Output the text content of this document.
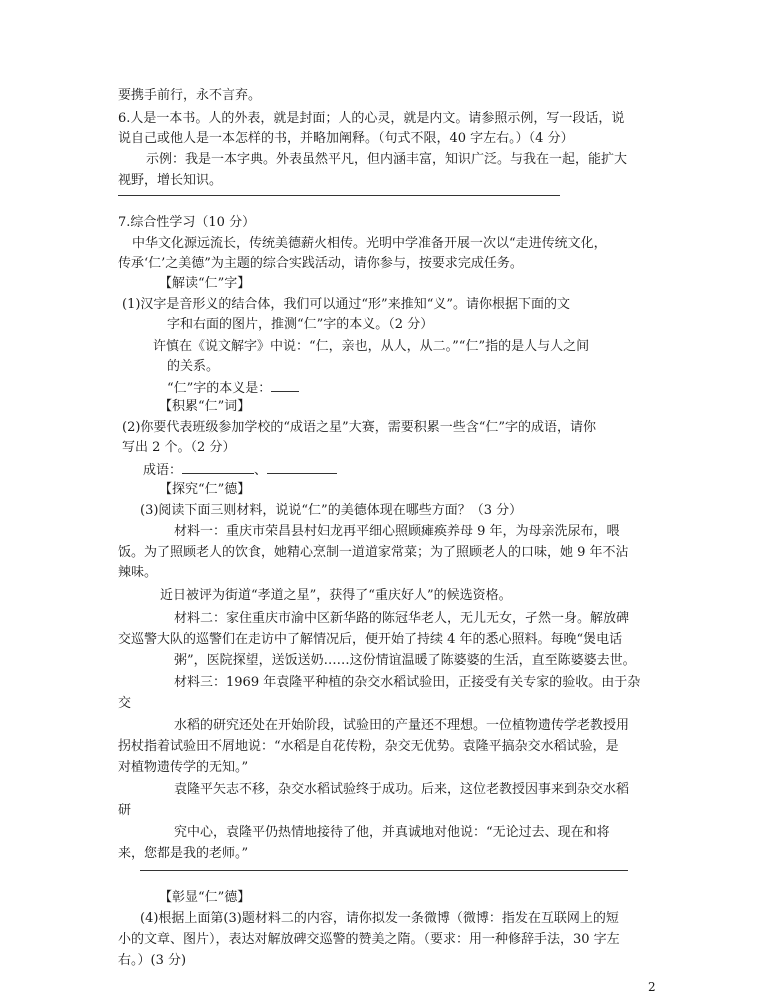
要携手前行，永不言弃。
6.人是一本书。人的外表，就是封面；人的心灵，就是内文。请参照示例，写一段话，说
说自己或他人是一本怎样的书，并略加阐释。（句式不限，40 字左右。）（4 分）
示例：我是一本字典。外表虽然平凡，但内涵丰富，知识广泛。与我在一起，能扩大
视野，增长知识。
7.综合性学习（10 分）
中华文化源远流长，传统美德薪火相传。光明中学准备开展一次以“走进传统文化，
传承‘仁’之美德”为主题的综合实践活动，请你参与，按要求完成任务。
【解读“仁”字】
(1)汉字是音形义的结合体，我们可以通过“形”来推知“义”。请你根据下面的文
字和右面的图片，推测“仁”字的本义。（2 分）
许慎在《说文解字》中说：“仁，亲也，从人，从二。”“仁”指的是人与人之间
的关系。
“仁”字的本义是：
【积累“仁”词】
(2)你要代表班级参加学校的“成语之星”大赛，需要积累一些含“仁”字的成语，请你
写出 2 个。（2 分）
成语：	、
【探究“仁”德】
(3)阅读下面三则材料，说说“仁”的美德体现在哪些方面？（3 分）
材料一：重庆市荣昌县村妇龙再平细心照顾瘫痪养母 9 年，为母亲洗尿布，喂
饭。为了照顾老人的饮食，她精心烹制一道道家常菜；为了照顾老人的口味，她 9 年不沾
辣味。
近日被评为街道“孝道之星”，获得了“重庆好人”的候选资格。
材料二：家住重庆市渝中区新华路的陈冠华老人，无儿无女，孑然一身。解放碑
交巡警大队的巡警们在走访中了解情况后，便开始了持续 4 年的悉心照料。每晚“煲电话
粥”，医院探望，送饭送奶……这份情谊温暖了陈婆婆的生活，直至陈婆婆去世。
材料三：1969 年袁隆平种植的杂交水稻试验田，正接受有关专家的验收。由于杂
交
水稻的研究还处在开始阶段，试验田的产量还不理想。一位植物遗传学老教授用
拐杖指着试验田不屑地说：“水稻是自花传粉，杂交无优势。袁隆平搞杂交水稻试验，是
对植物遗传学的无知。”
袁隆平矢志不移，杂交水稻试验终于成功。后来，这位老教授因事来到杂交水稻
研
究中心，袁隆平仍热情地接待了他，并真诚地对他说：“无论过去、现在和将
来，您都是我的老师。”
【彰显“仁”德】
(4)根据上面第(3)题材料二的内容，请你拟发一条微博（微博：指发在互联网上的短
小的文章、图片），表达对解放碑交巡警的赞美之隋。（要求：用一种修辞手法，30 字左
右。）(3 分)
2
